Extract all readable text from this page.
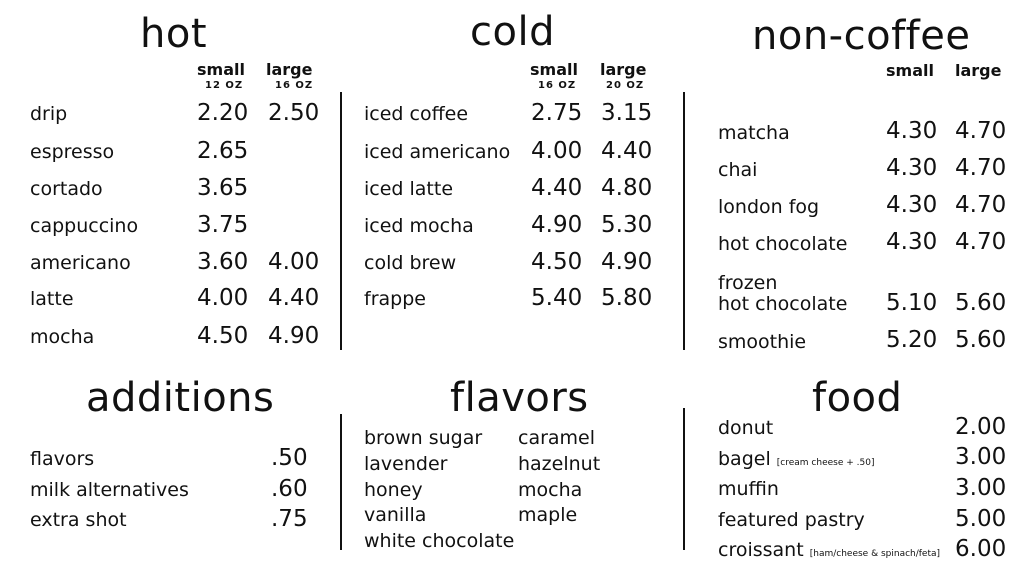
hot
small
12 OZ
large
16 OZ
drip	2.20 2.50
espresso	2.65
cortado	3.65
cappuccino	3.75
americano	3.60 4.00
latte	4.00 4.40
mocha	4.50 4.90
cold
small
16 OZ
large
20 OZ
iced coffee	2.75 3.15
iced americano 4.00 4.40
iced latte	4.40 4.80
iced mocha 4.90 5.30
cold brew	4.50 4.90
frappe	5.40 5.80
non-coffee
small large
matcha	4.30 4.70
chai	4.30 4.70
london fog	4.30 4.70
hot chocolate 4.30 4.70
frozen
hot chocolate 5.10 5.60
smoothie	5.20 5.60
additions
flavors	.50
milk alternatives	.60
extra shot	.75
flavors
brown sugar
lavender
honey
vanilla
white chocolate
caramel
hazelnut
mocha
maple
food
donut	2.00
bagel [cream cheese + .50]	3.00
muffin	3.00
featured pastry	5.00
croissant [ham/cheese & spinach/feta] 6.00
